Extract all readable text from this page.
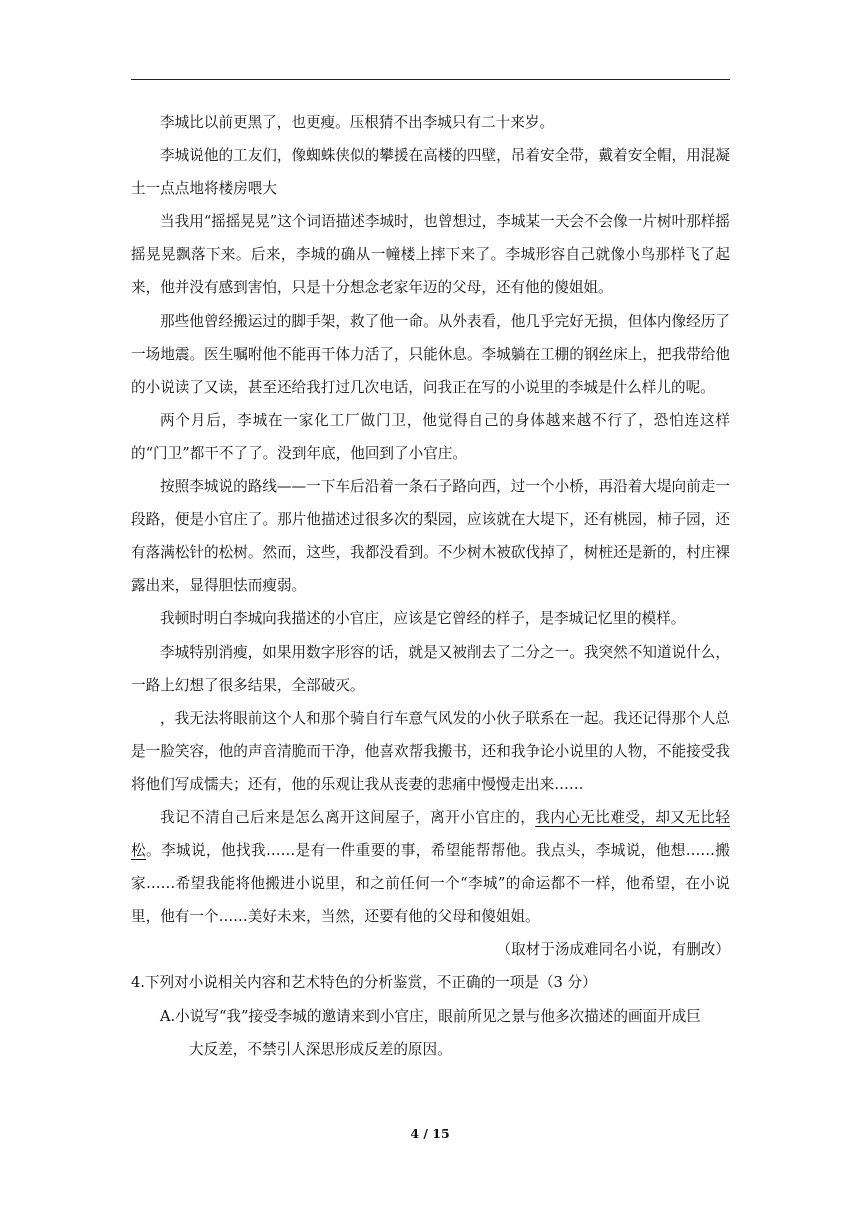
李城比以前更黑了，也更瘦。压根猜不出李城只有二十来岁。

李城说他的工友们，像蜘蛛侠似的攀援在高楼的四壁，吊着安全带，戴着安全帽，用混凝土一点点地将楼房喂大

当我用“摇摇晃晃”这个词语描述李城时，也曾想过，李城某一天会不会像一片树叶那样摇摇晃晃飘落下来。后来，李城的确从一幢楼上摔下来了。李城形容自己就像小鸟那样飞了起来，他并没有感到害怕，只是十分想念老家年迈的父母，还有他的傻姐姐。

那些他曾经搬运过的脚手架，救了他一命。从外表看，他几乎完好无损，但体内像经历了一场地震。医生嘱咐他不能再干体力活了，只能休息。李城躺在工棚的钢丝床上，把我带给他的小说读了又读，甚至还给我打过几次电话，问我正在写的小说里的李城是什么样儿的呢。

两个月后，李城在一家化工厂做门卫，他觉得自己的身体越来越不行了，恐怕连这样的“门卫”都干不了了。没到年底，他回到了小官庄。

按照李城说的路线——一下车后沿着一条石子路向西，过一个小桥，再沿着大堤向前走一段路，便是小官庄了。那片他描述过很多次的梨园，应该就在大堤下，还有桃园，柿子园，还有落满松针的松树。然而，这些，我都没看到。不少树木被砍伐掉了，树桩还是新的，村庄裸露出来，显得胆怯而瘦弱。

我顿时明白李城向我描述的小官庄，应该是它曾经的样子，是李城记忆里的模样。

李城特别消瘦，如果用数字形容的话，就是又被削去了二分之一。我突然不知道说什么，一路上幻想了很多结果，全部破灭。

，我无法将眼前这个人和那个骑自行车意气风发的小伙子联系在一起。我还记得那个人总是一脸笑容，他的声音清脆而干净，他喜欢帮我搬书，还和我争论小说里的人物，不能接受我将他们写成懦夫；还有，他的乐观让我从丧妻的悲痛中慢慢走出来……

我记不清自己后来是怎么离开这间屋子，离开小官庄的，我内心无比难受，却又无比轻松。李城说，他找我……是有一件重要的事，希望能帮帮他。我点头，李城说，他想……搬家……希望我能将他搬进小说里，和之前任何一个“李城”的命运都不一样，他希望，在小说里，他有一个……美好未来，当然，还要有他的父母和傻姐姐。

（取材于汤成难同名小说，有删改）

4.下列对小说相关内容和艺术特色的分析鉴赏，不正确的一项是（3 分）

A.小说写“我”接受李城的邀请来到小官庄，眼前所见之景与他多次描述的画面开成巨
大反差，不禁引人深思形成反差的原因。

4 / 15
